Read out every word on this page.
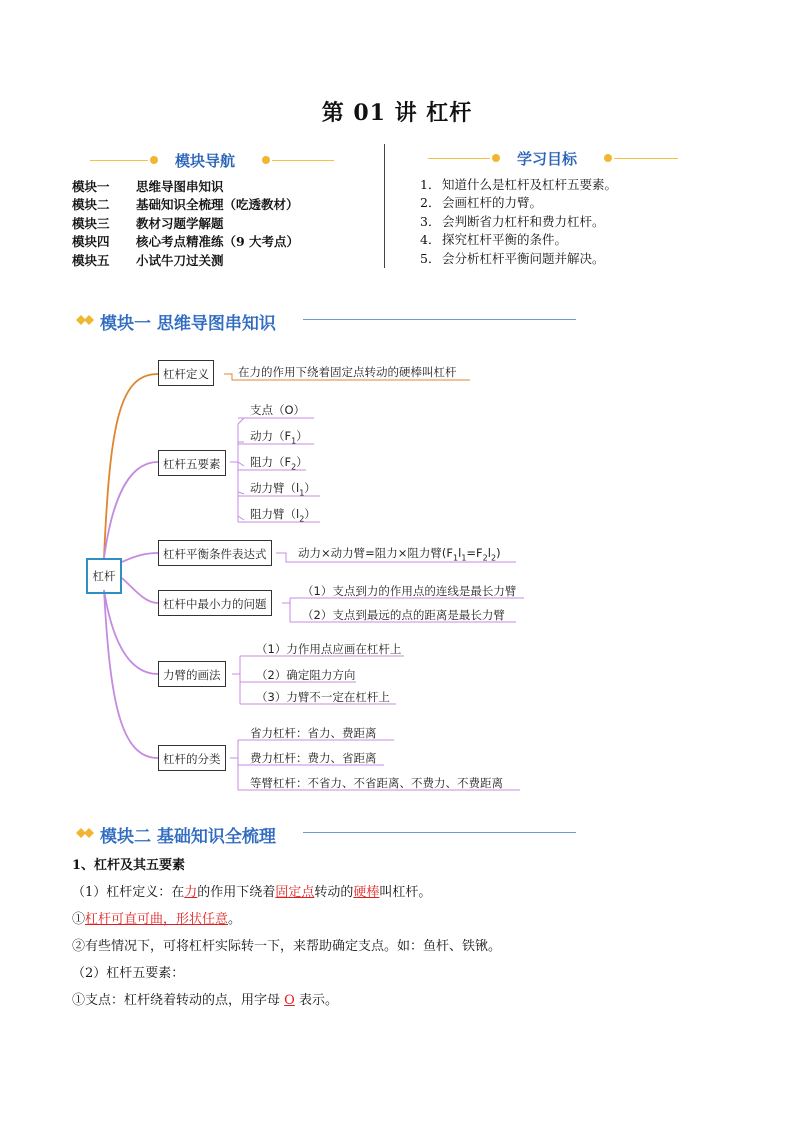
第 01 讲 杠杆
模块导航	学习目标
模块一 思维导图串知识
模块二 基础知识全梳理（吃透教材）
模块三 教材习题学解题
模块四 核心考点精准练（9 大考点）
模块五 小试牛刀过关测
1． 知道什么是杠杆及杠杆五要素。
2． 会画杠杆的力臂。
3． 会判断省力杠杆和费力杠杆。
4． 探究杠杆平衡的条件。
5． 会分析杠杆平衡问题并解决。
模块一 思维导图串知识
杠杆
杠杆定义	在力的作用下绕着固定点转动的硬棒叫杠杆
杠杆五要素
支点（O）
动力$(F_1)$
阻力$(F_2)$
动力臂$(l_1)$
阻力臂$(l_2)$
杠杆平衡条件表达式	动力×动力臂=阻力×阻力臂$(F_1l_1=F_2l_2)$
杠杆中最小力的问题
（1）支点到力的作用点的连线是最长力臂
（2）支点到最远的点的距离是最长力臂
力臂的画法
（1）力作用点应画在杠杆上
（2）确定阻力方向
（3）力臂不一定在杠杆上
杠杆的分类
省力杠杆：省力、费距离
费力杠杆：费力、省距离
等臂杠杆：不省力、不省距离、不费力、不费距离
模块二 基础知识全梳理
1、杠杆及其五要素
（1）杠杆定义：在力的作用下绕着固定点转动的硬棒叫杠杆。
①杠杆可直可曲，形状任意。
②有些情况下，可将杠杆实际转一下，来帮助确定支点。如：鱼杆、铁锹。
（2）杠杆五要素：
①支点：杠杆绕着转动的点，用字母 O 表示。
